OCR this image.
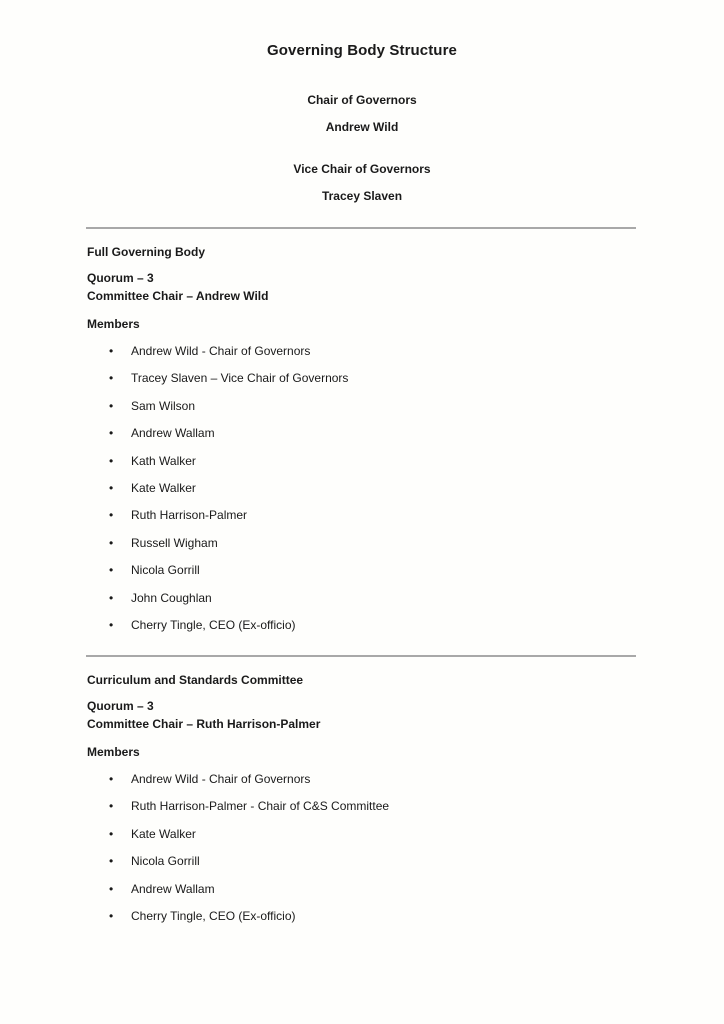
Governing Body Structure
Chair of Governors
Andrew Wild
Vice Chair of Governors
Tracey Slaven
Full Governing Body
Quorum – 3
Committee Chair – Andrew Wild
Members
• Andrew Wild - Chair of Governors
• Tracey Slaven – Vice Chair of Governors
• Sam Wilson
• Andrew Wallam
• Kath Walker
• Kate Walker
• Ruth Harrison-Palmer
• Russell Wigham
• Nicola Gorrill
• John Coughlan
• Cherry Tingle, CEO (Ex-officio)
Curriculum and Standards Committee
Quorum – 3
Committee Chair – Ruth Harrison-Palmer
Members
• Andrew Wild - Chair of Governors
• Ruth Harrison-Palmer - Chair of C&S Committee
• Kate Walker
• Nicola Gorrill
• Andrew Wallam
• Cherry Tingle, CEO (Ex-officio)
